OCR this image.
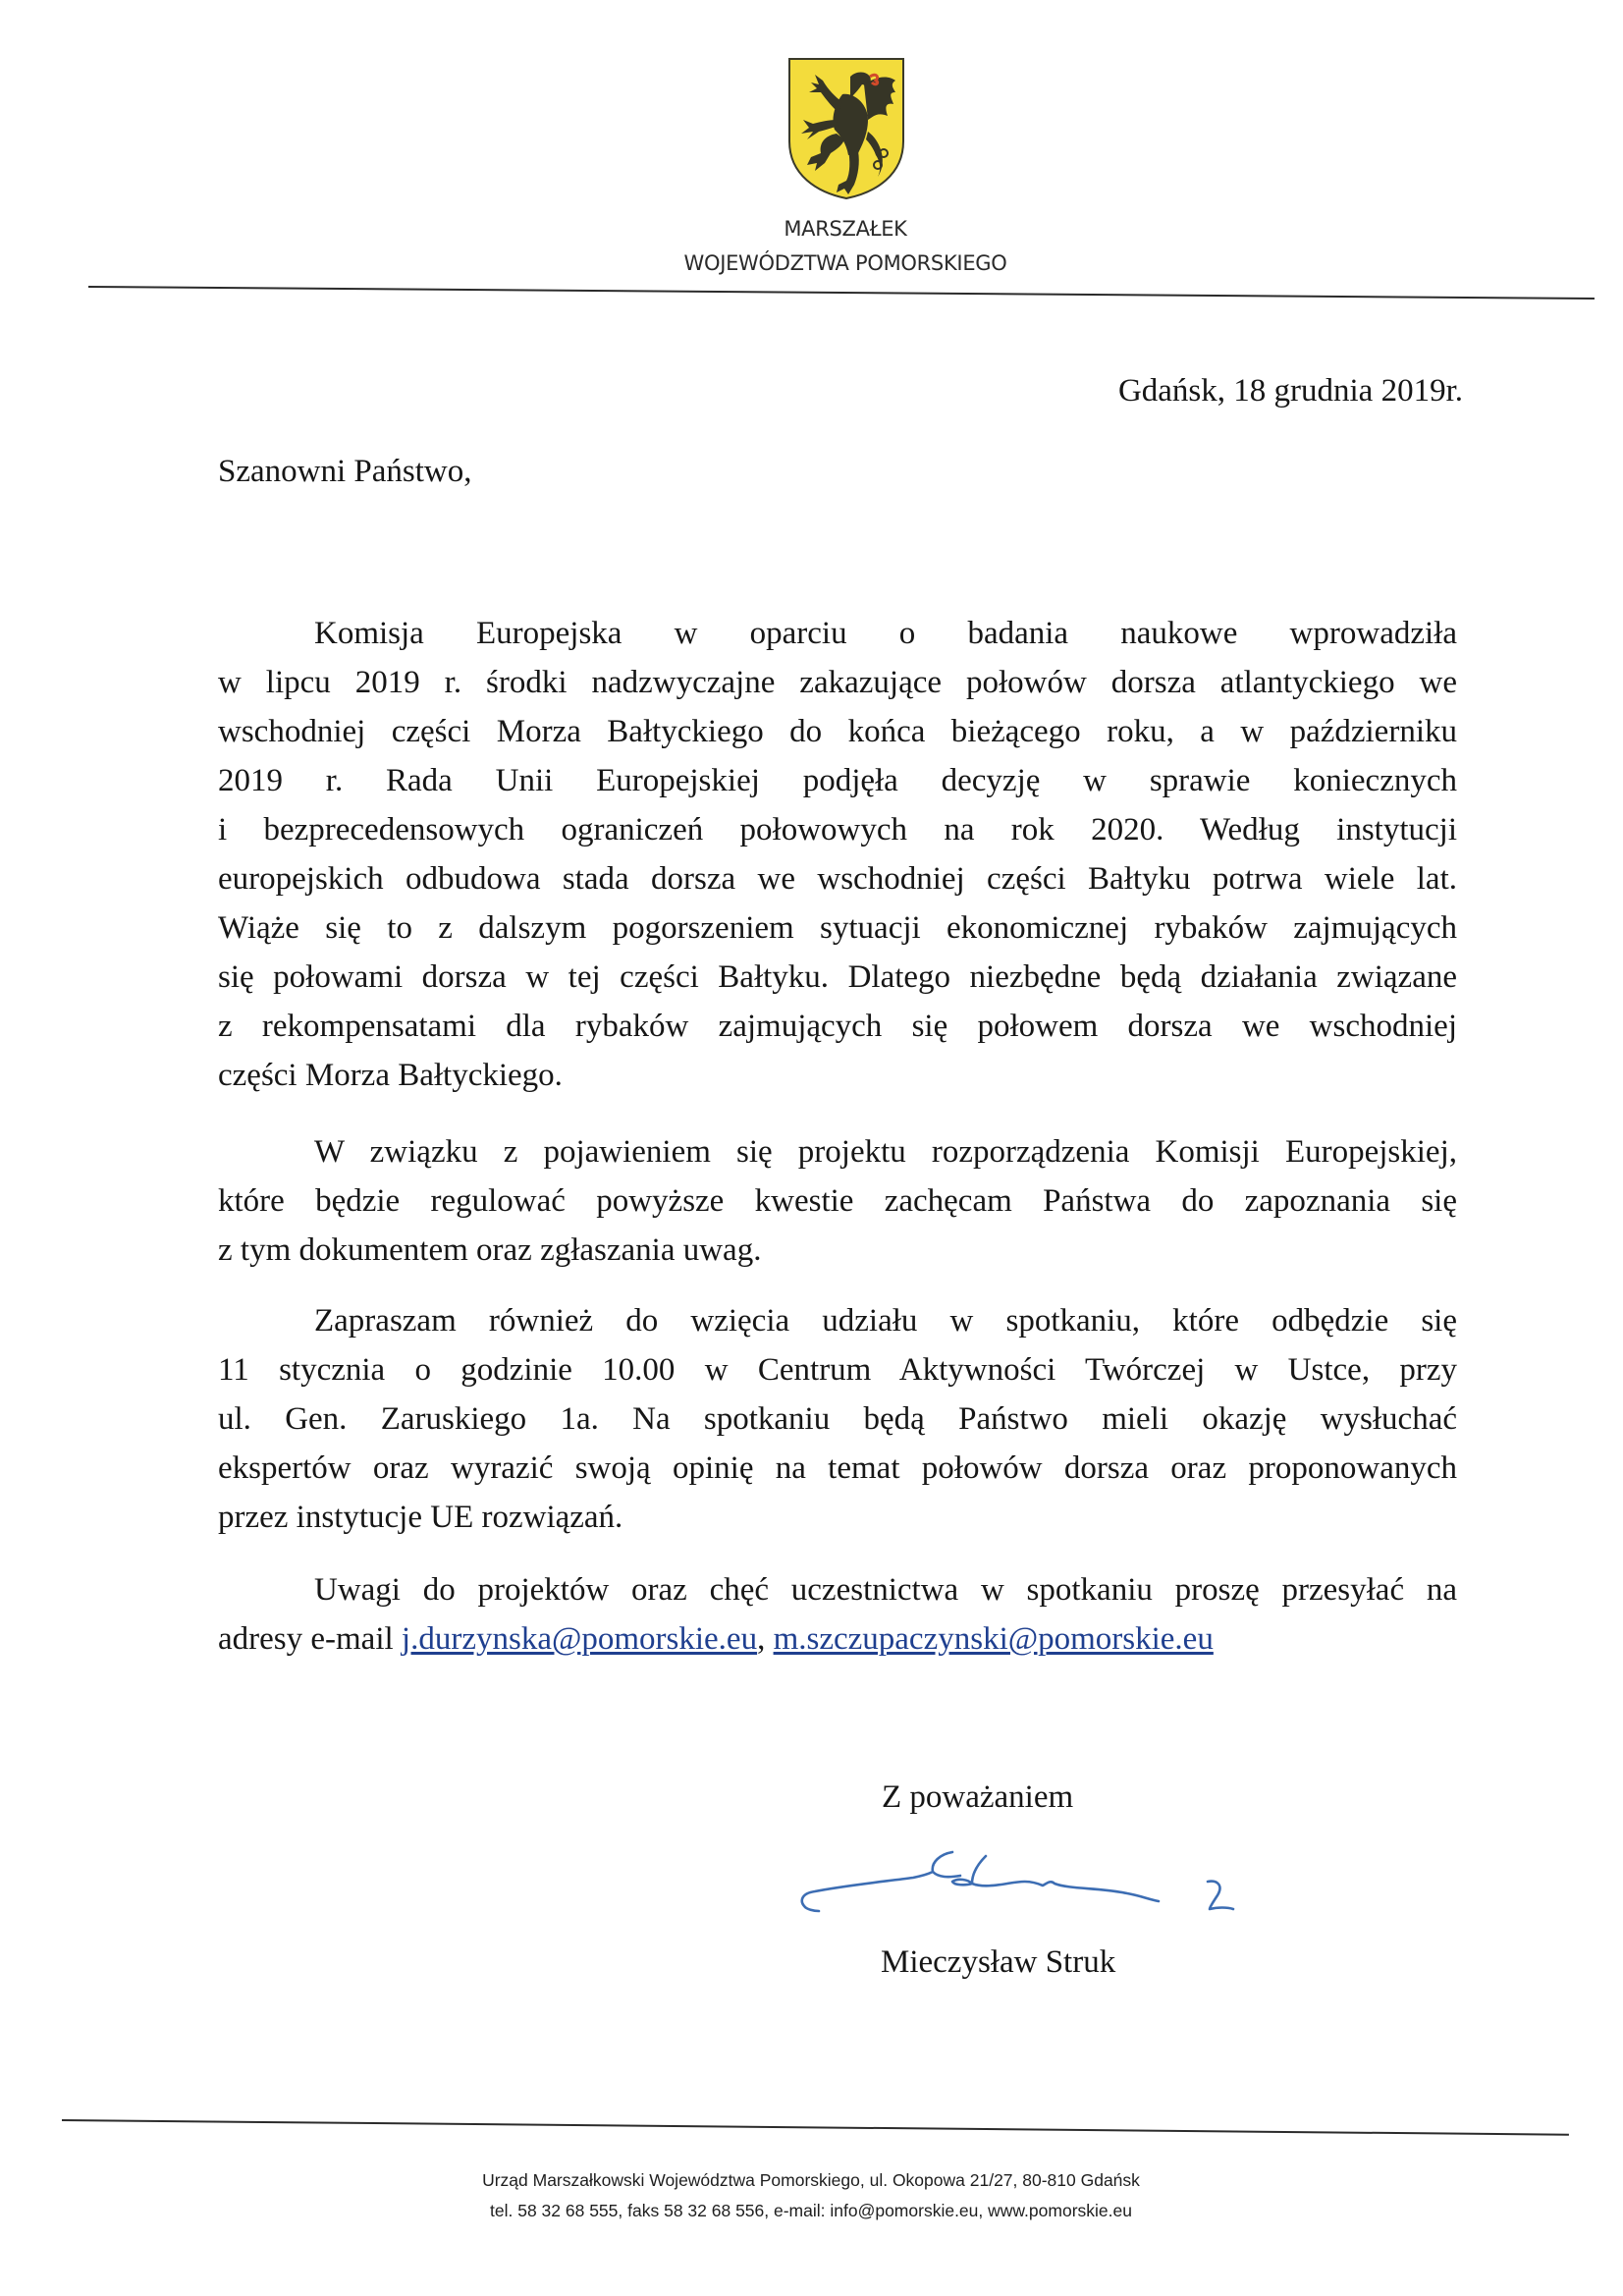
MARSZAŁEK
WOJEWÓDZTWA POMORSKIEGO
Gdańsk, 18 grudnia 2019r.
Szanowni Państwo,
Komisja Europejska w oparciu o badania naukowe wprowadziła
w lipcu 2019 r. środki nadzwyczajne zakazujące połowów dorsza atlantyckiego we
wschodniej części Morza Bałtyckiego do końca bieżącego roku, a w październiku
2019 r. Rada Unii Europejskiej podjęła decyzję w sprawie koniecznych
i bezprecedensowych ograniczeń połowowych na rok 2020. Według instytucji
europejskich odbudowa stada dorsza we wschodniej części Bałtyku potrwa wiele lat.
Wiąże się to z dalszym pogorszeniem sytuacji ekonomicznej rybaków zajmujących
się połowami dorsza w tej części Bałtyku. Dlatego niezbędne będą działania związane
z rekompensatami dla rybaków zajmujących się połowem dorsza we wschodniej
części Morza Bałtyckiego.
W związku z pojawieniem się projektu rozporządzenia Komisji Europejskiej,
które będzie regulować powyższe kwestie zachęcam Państwa do zapoznania się
z tym dokumentem oraz zgłaszania uwag.
Zapraszam również do wzięcia udziału w spotkaniu, które odbędzie się
11 stycznia o godzinie 10.00 w Centrum Aktywności Twórczej w Ustce, przy
ul. Gen. Zaruskiego 1a. Na spotkaniu będą Państwo mieli okazję wysłuchać
ekspertów oraz wyrazić swoją opinię na temat połowów dorsza oraz proponowanych
przez instytucje UE rozwiązań.
Uwagi do projektów oraz chęć uczestnictwa w spotkaniu proszę przesyłać na
adresy e-mail j.durzynska@pomorskie.eu, m.szczupaczynski@pomorskie.eu
Z poważaniem
Mieczysław Struk
Urząd Marszałkowski Województwa Pomorskiego, ul. Okopowa 21/27, 80-810 Gdańsk
tel. 58 32 68 555, faks 58 32 68 556, e-mail: info@pomorskie.eu, www.pomorskie.eu
